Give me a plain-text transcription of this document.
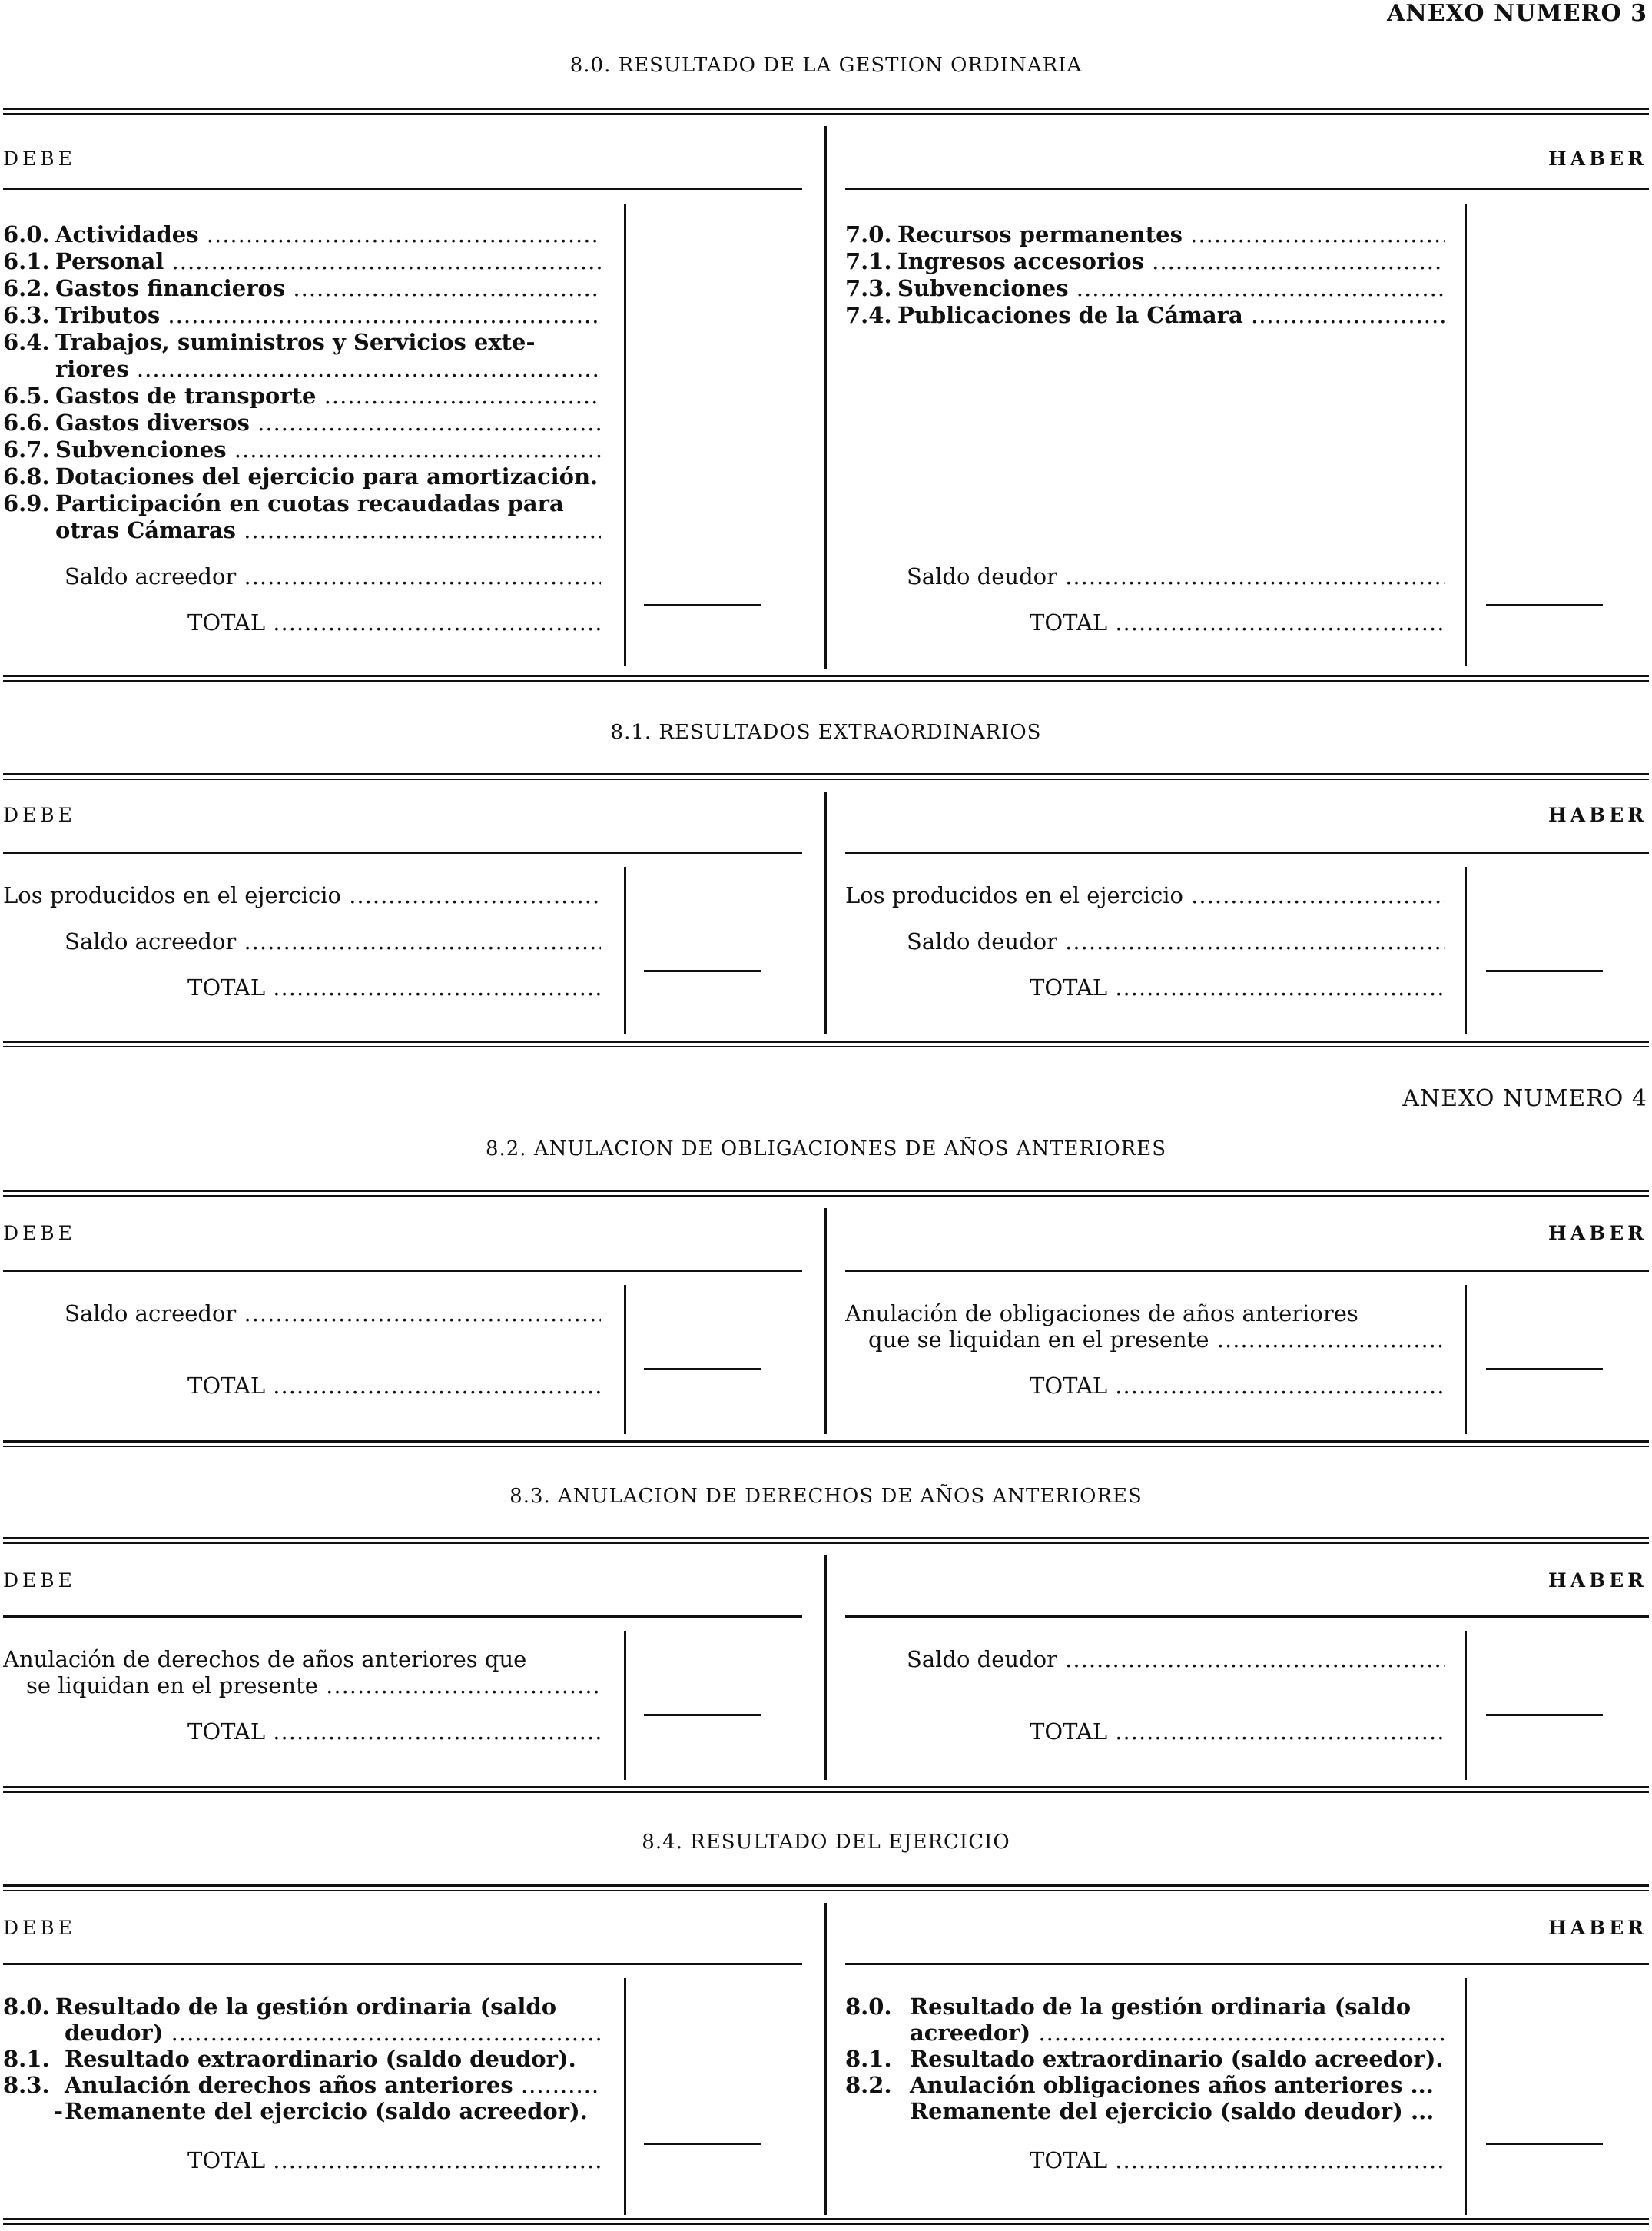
ANEXO NUMERO 3
8.0. RESULTADO DE LA GESTION ORDINARIA
DEBE	HABER
6.0. Actividades .....
6.1. Personal .....
6.2. Gastos financieros .....
6.3. Tributos .....
6.4. Trabajos, suministros y Servicios exte-
riores .....
6.5. Gastos de transporte .....
6.6. Gastos diversos .....
6.7. Subvenciones .....
6.8. Dotaciones del ejercicio para amortización.
6.9. Participación en cuotas recaudadas para
otras Cámaras .....
Saldo acreedor .....
TOTAL .....
7.0. Recursos permanentes .....
7.1. Ingresos accesorios .....
7.3. Subvenciones .....
7.4. Publicaciones de la Cámara .....
Saldo deudor .....
TOTAL .....
8.1. RESULTADOS EXTRAORDINARIOS
DEBE	HABER
Los producidos en el ejercicio .....
Saldo acreedor .....
TOTAL .....
Los producidos en el ejercicio .....
Saldo deudor .....
TOTAL .....
ANEXO NUMERO 4
8.2. ANULACION DE OBLIGACIONES DE AÑOS ANTERIORES
DEBE	HABER
Saldo acreedor .....
TOTAL .....
Anulación de obligaciones de años anteriores
que se liquidan en el presente .....
TOTAL .....
8.3. ANULACION DE DERECHOS DE AÑOS ANTERIORES
DEBE	HABER
Anulación de derechos de años anteriores que
se liquidan en el presente .....
TOTAL .....
Saldo deudor .....
TOTAL .....
8.4. RESULTADO DEL EJERCICIO
DEBE	HABER
8.0. Resultado de la gestión ordinaria (saldo
deudor) .....
8.1. Resultado extraordinario (saldo deudor).
8.3. Anulación derechos años anteriores .....
-Remanente del ejercicio (saldo acreedor).
TOTAL .....
8.0. Resultado de la gestión ordinaria (saldo
acreedor) .....
8.1. Resultado extraordinario (saldo acreedor).
8.2. Anulación obligaciones años anteriores ...
Remanente del ejercicio (saldo deudor) ...
TOTAL .....
